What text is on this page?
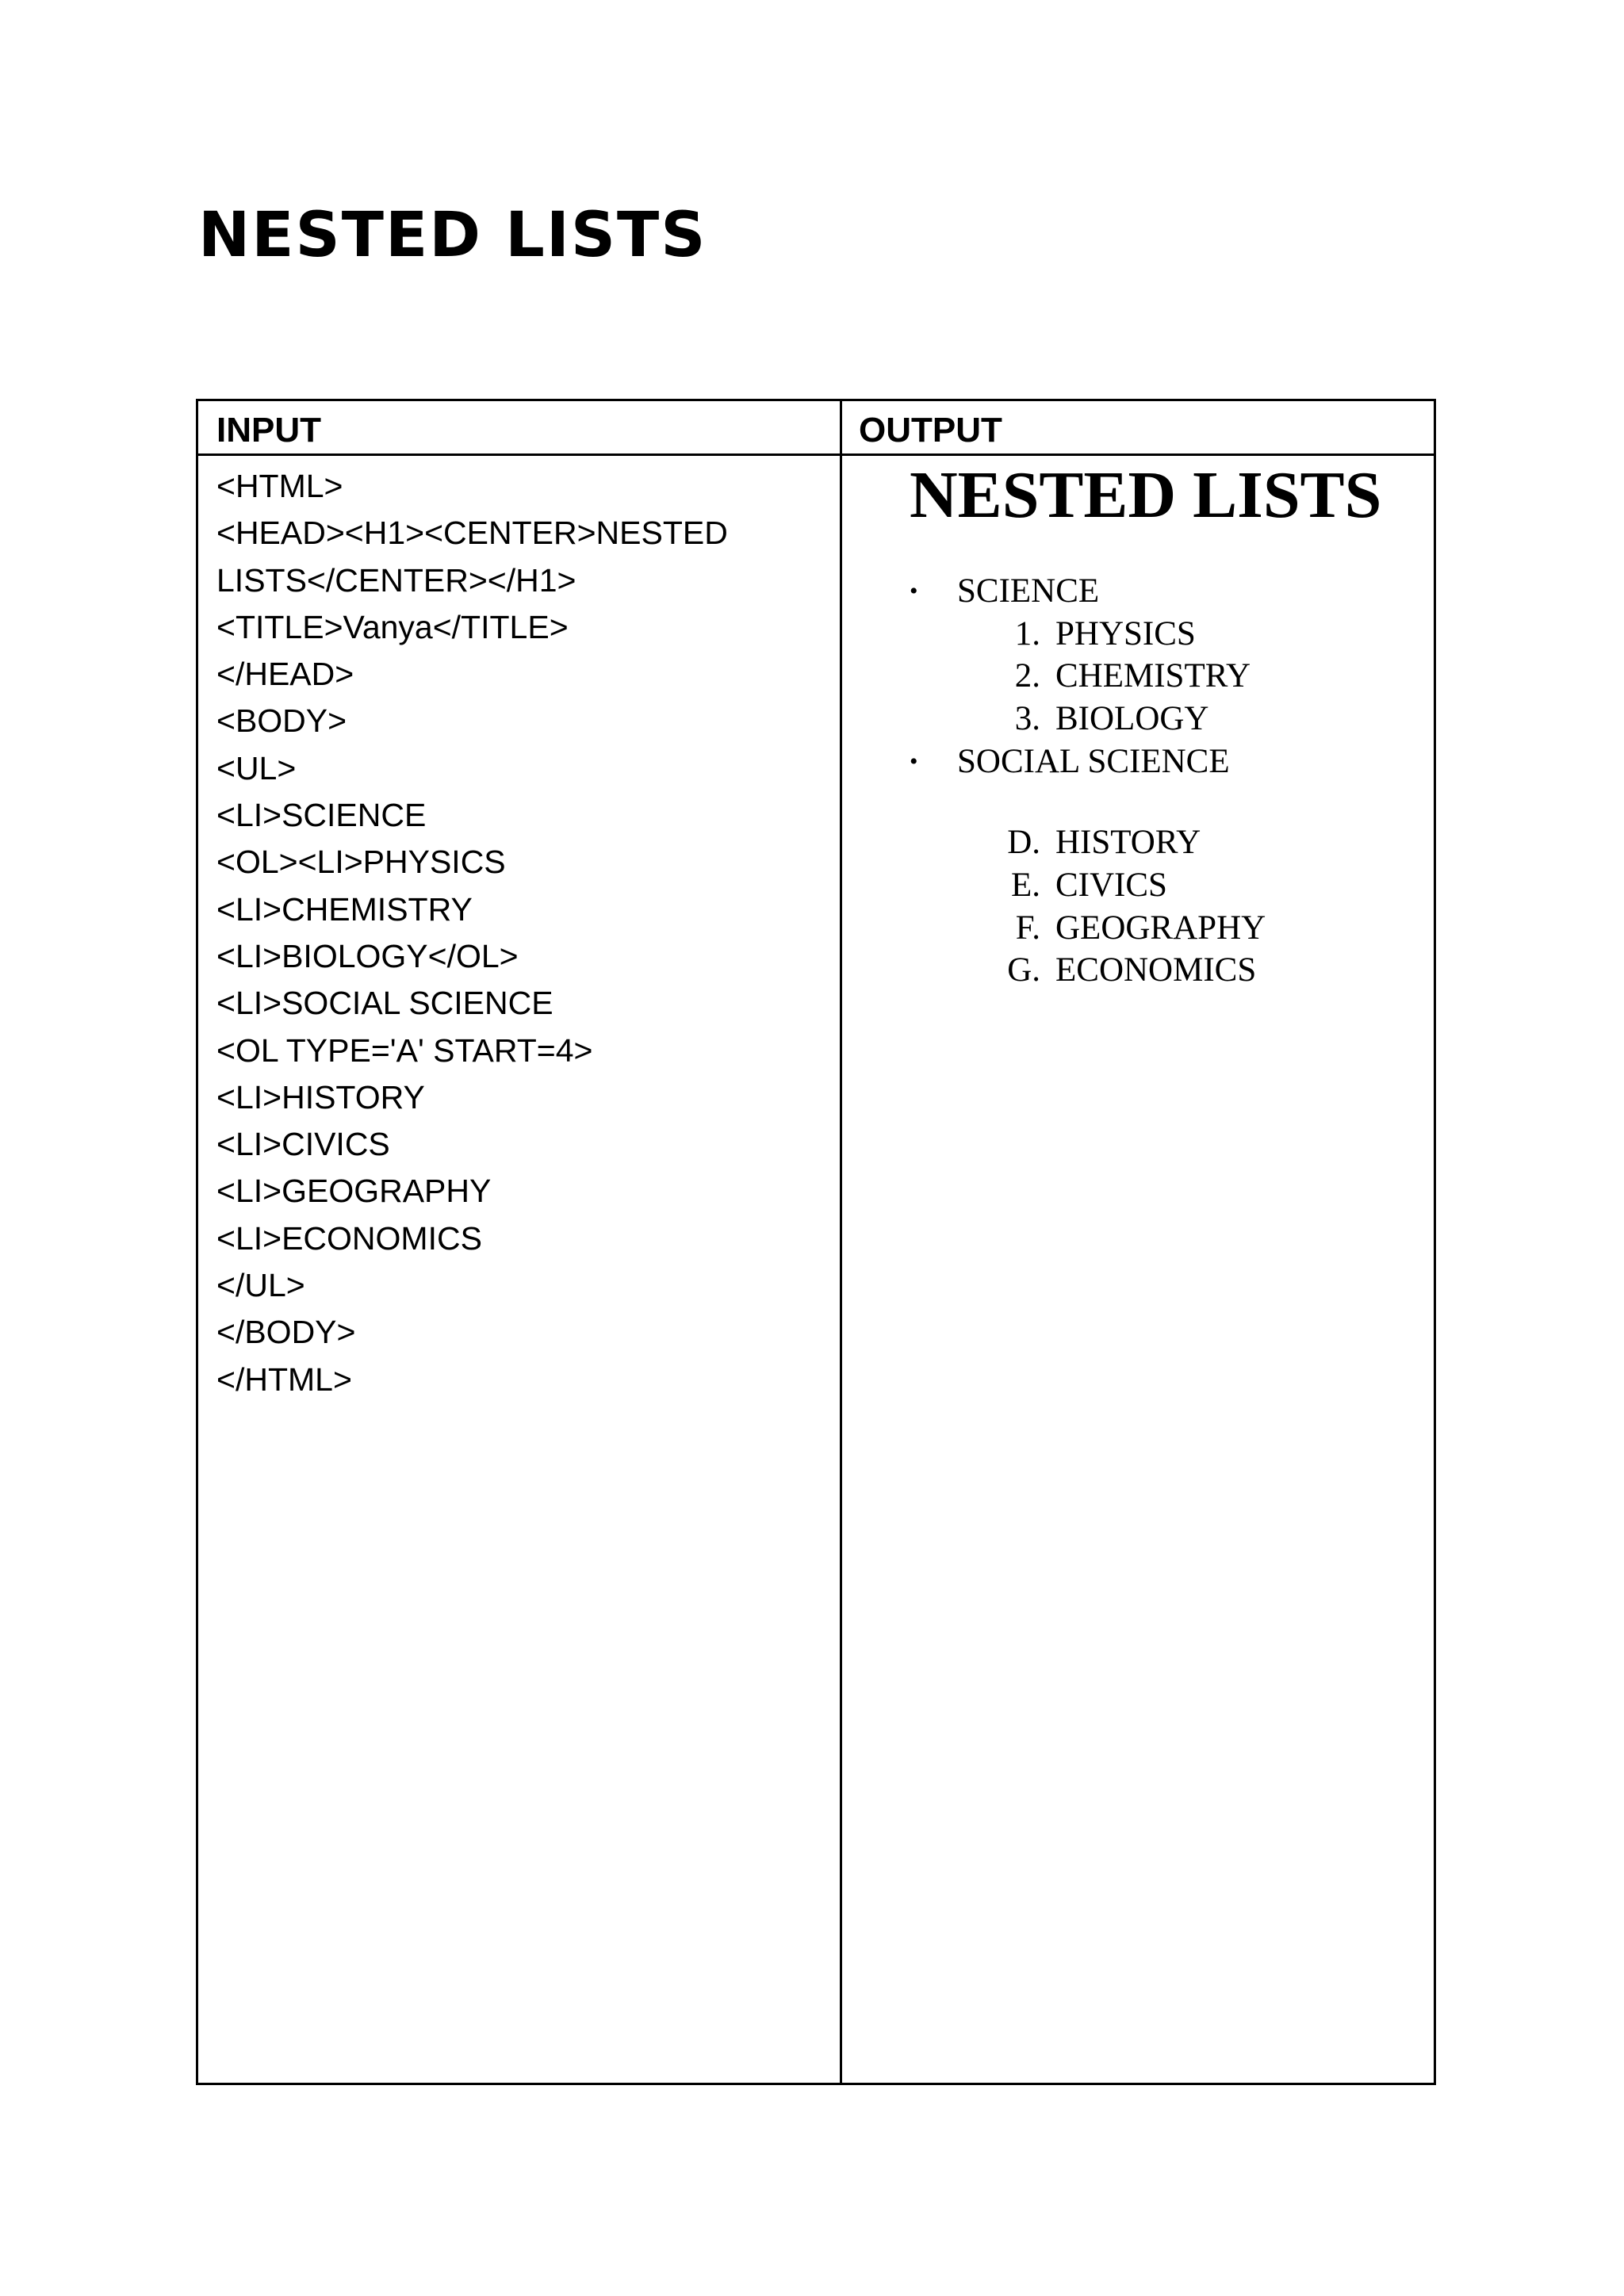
NESTED LISTS
INPUT	OUTPUT
<HTML>
<HEAD><H1><CENTER>NESTED
LISTS</CENTER></H1>
<TITLE>Vanya</TITLE>
</HEAD>
<BODY>
<UL>
<LI>SCIENCE
<OL><LI>PHYSICS
<LI>CHEMISTRY
<LI>BIOLOGY</OL>
<LI>SOCIAL SCIENCE
<OL TYPE='A' START=4>
<LI>HISTORY
<LI>CIVICS
<LI>GEOGRAPHY
<LI>ECONOMICS
</UL>
</BODY>
</HTML>
NESTED LISTS
• SCIENCE
1. PHYSICS
2. CHEMISTRY
3. BIOLOGY
• SOCIAL SCIENCE
D. HISTORY
E. CIVICS
F. GEOGRAPHY
G. ECONOMICS
